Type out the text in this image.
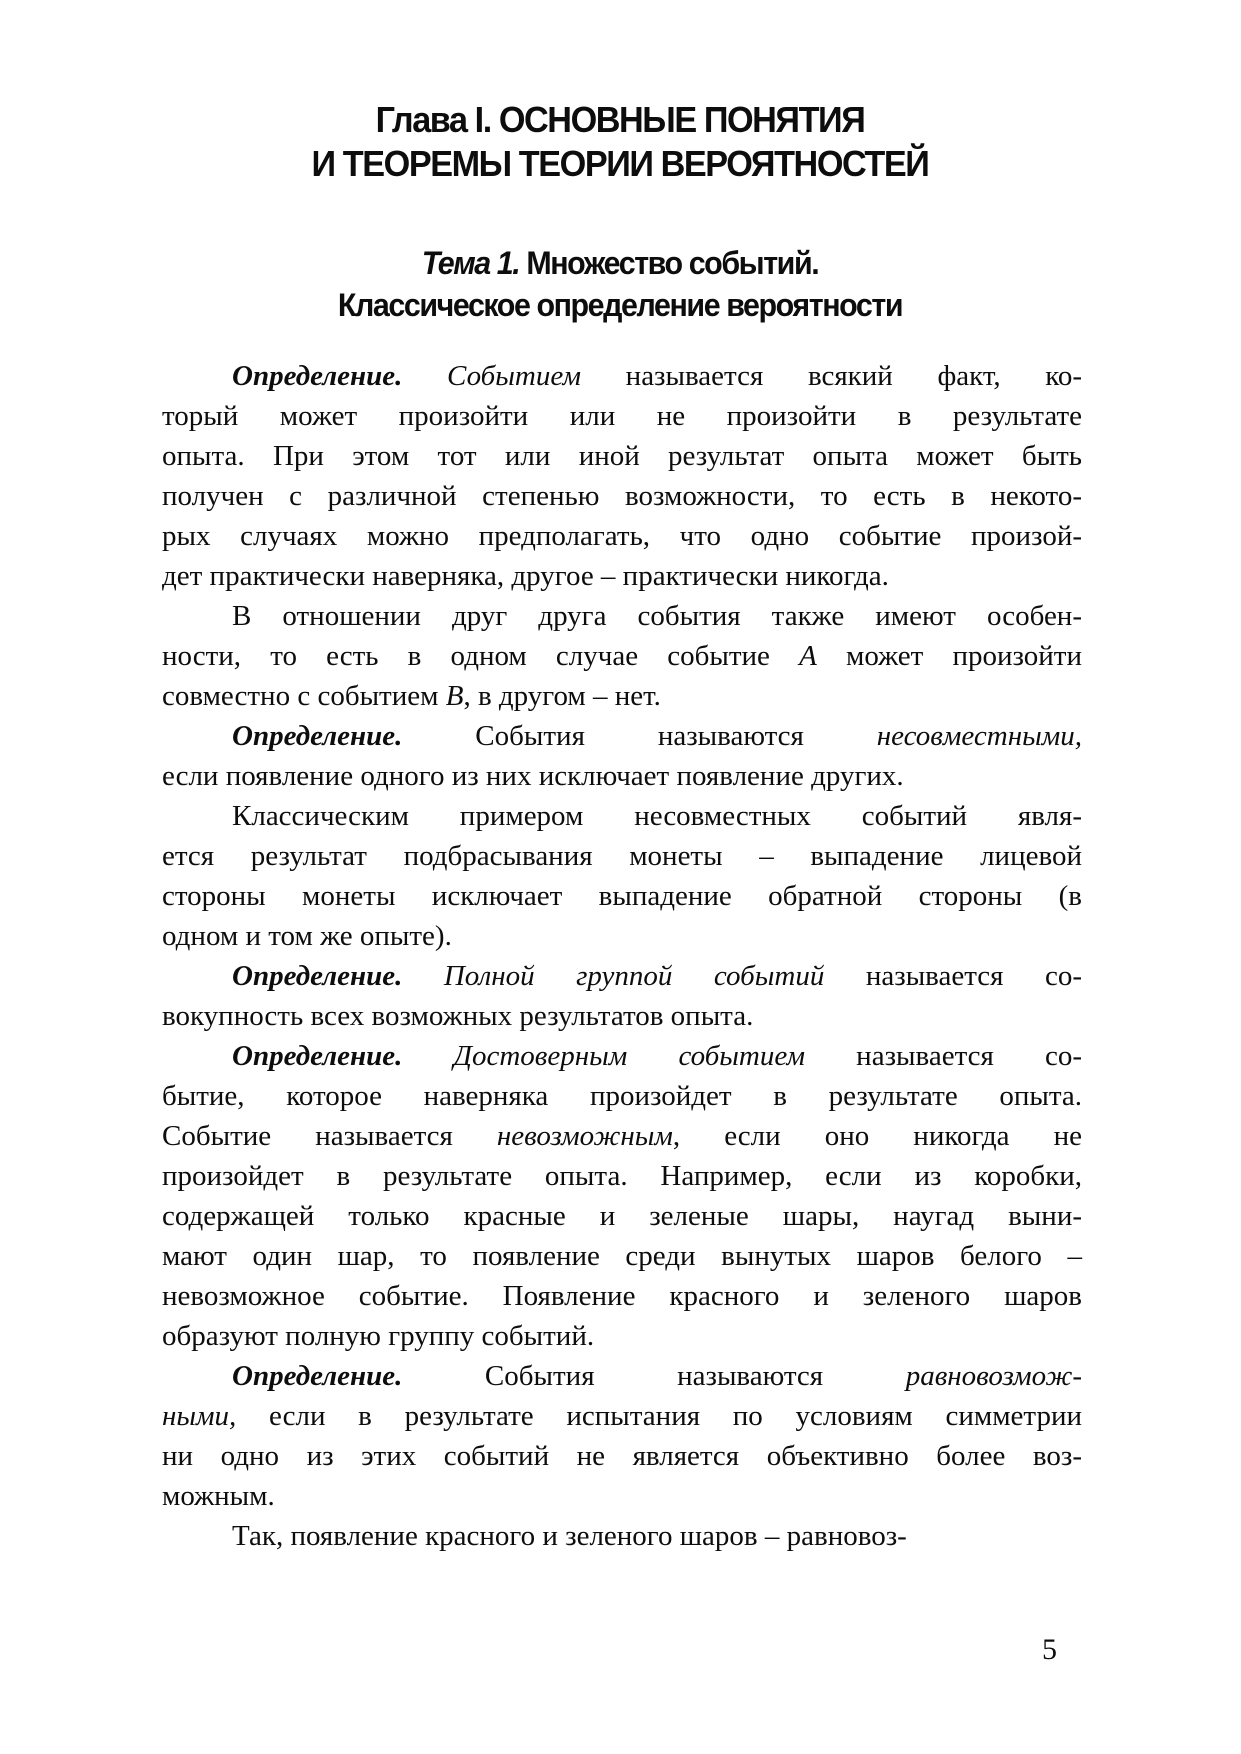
Глава I. ОСНОВНЫЕ ПОНЯТИЯ
И ТЕОРЕМЫ ТЕОРИИ ВЕРОЯТНОСТЕЙ
Тема 1. Множество событий.
Классическое определение вероятности
Определение. Событием называется всякий факт, ко-
торый может произойти или не произойти в результате
опыта. При этом тот или иной результат опыта может быть
получен с различной степенью возможности, то есть в некото-
рых случаях можно предполагать, что одно событие произой-
дет практически наверняка, другое – практически никогда.
В отношении друг друга события также имеют особен-
ности, то есть в одном случае событие A может произойти
совместно с событием B, в другом – нет.
Определение. События называются несовместными,
если появление одного из них исключает появление других.
Классическим примером несовместных событий явля-
ется результат подбрасывания монеты – выпадение лицевой
стороны монеты исключает выпадение обратной стороны (в
одном и том же опыте).
Определение. Полной группой событий называется со-
вокупность всех возможных результатов опыта.
Определение. Достоверным событием называется со-
бытие, которое наверняка произойдет в результате опыта.
Событие называется невозможным, если оно никогда не
произойдет в результате опыта. Например, если из коробки,
содержащей только красные и зеленые шары, наугад выни-
мают один шар, то появление среди вынутых шаров белого –
невозможное событие. Появление красного и зеленого шаров
образуют полную группу событий.
Определение. События называются равновозмож-
ными, если в результате испытания по условиям симметрии
ни одно из этих событий не является объективно более воз-
можным.
Так, появление красного и зеленого шаров – равновоз-
5
